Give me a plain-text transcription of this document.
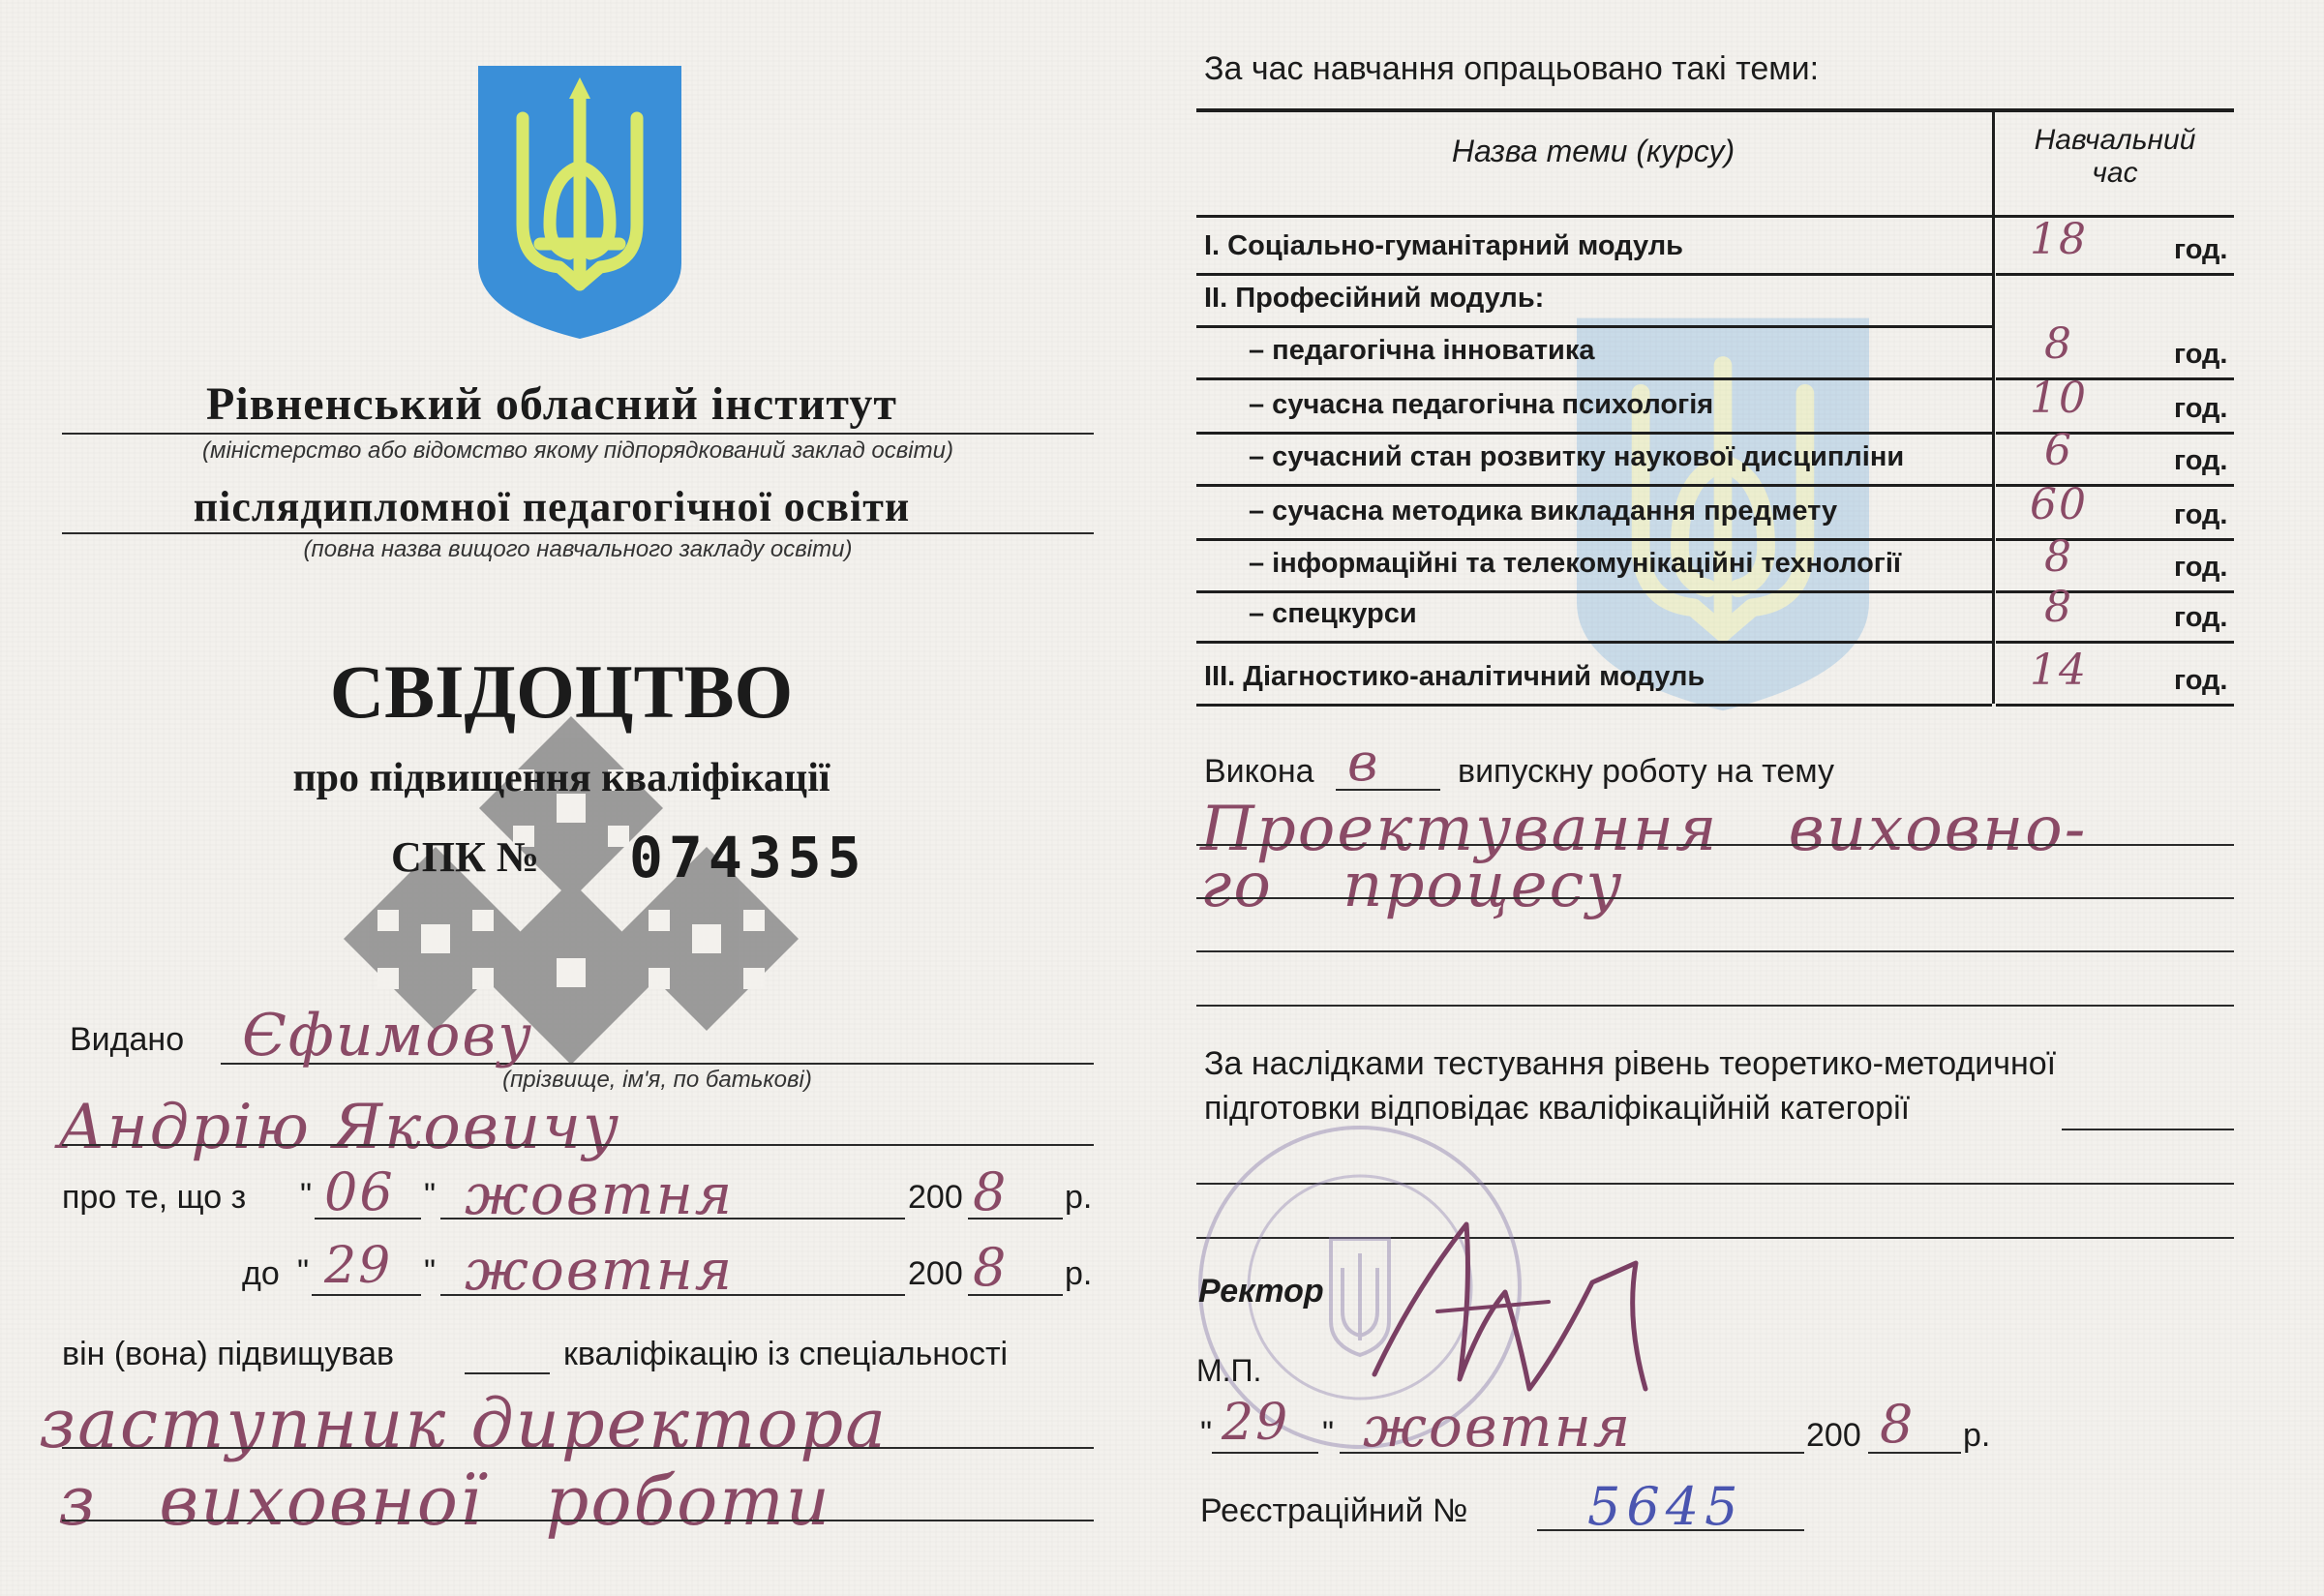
Рівненський обласний інститут
(міністерство або відомство якому підпорядкований заклад освіти)
післядипломної педагогічної освіти
(повна назва вищого навчального закладу освіти)
СВІДОЦТВО
про підвищення кваліфікації
СПК № 074355
Видано Єфимову
(прізвище, ім'я, по батькові)
Андрію Яковичу
про те, що з " 06 " жовтня	200 8 р.
до " 29 " жовтня	200 8 р.
він (вона) підвищував	кваліфікацію із спеціальності
заступник директора
з виховної роботи
За час навчання опрацьовано такі теми:
Назва теми (курсу)	Навчальний
час
I. Соціально-гуманітарний модуль	18	год.
II. Професійний модуль:
– педагогічна інноватика	8	год.
– сучасна педагогічна психологія	10	год.
– сучасний стан розвитку наукової дисципліни	6	год.
– сучасна методика викладання предмету	60	год.
– інформаційні та телекомунікаційні технології	8	год.
– спецкурси	8	год.
III. Діагностико-аналітичний модуль	14	год.
Викона в випускну роботу на тему
Проектування виховно-
го процесу
За наслідками тестування рівень теоретико-методичної
підготовки відповідає кваліфікаційній категорії
Ректор
М.П.
" 29 " жовтня	200 8 р.
Реєстраційний № 5645
